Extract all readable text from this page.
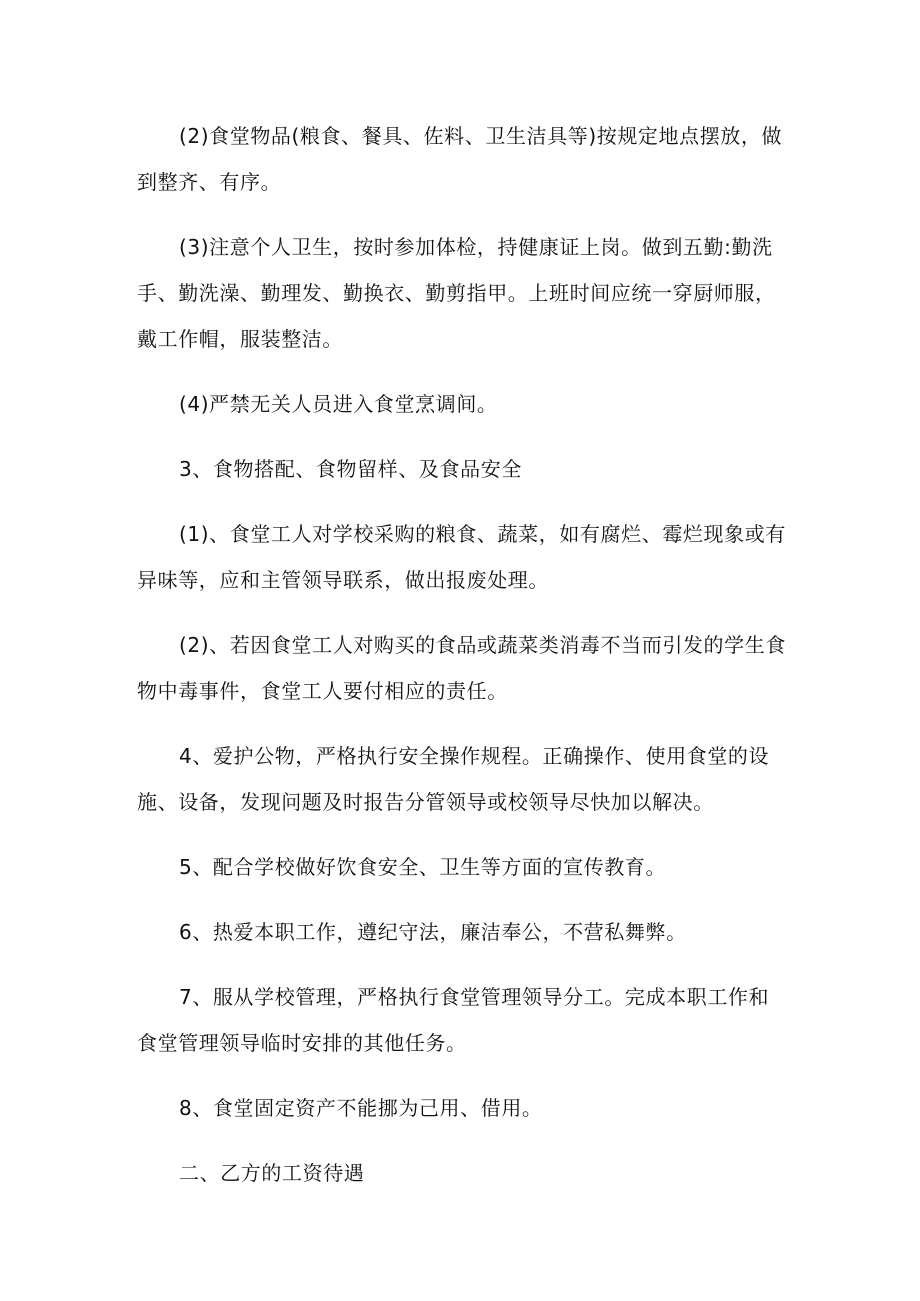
(2)食堂物品(粮食、餐具、佐料、卫生洁具等)按规定地点摆放，做到整齐、有序。

(3)注意个人卫生，按时参加体检，持健康证上岗。做到五勤:勤洗手、勤洗澡、勤理发、勤换衣、勤剪指甲。上班时间应统一穿厨师服，戴工作帽，服装整洁。

(4)严禁无关人员进入食堂烹调间。

3、食物搭配、食物留样、及食品安全

(1)、食堂工人对学校采购的粮食、蔬菜，如有腐烂、霉烂现象或有异味等，应和主管领导联系，做出报废处理。

(2)、若因食堂工人对购买的食品或蔬菜类消毒不当而引发的学生食物中毒事件，食堂工人要付相应的责任。

4、爱护公物，严格执行安全操作规程。正确操作、使用食堂的设施、设备，发现问题及时报告分管领导或校领导尽快加以解决。

5、配合学校做好饮食安全、卫生等方面的宣传教育。

6、热爱本职工作，遵纪守法，廉洁奉公，不营私舞弊。

7、服从学校管理，严格执行食堂管理领导分工。完成本职工作和食堂管理领导临时安排的其他任务。

8、食堂固定资产不能挪为己用、借用。

二、乙方的工资待遇
